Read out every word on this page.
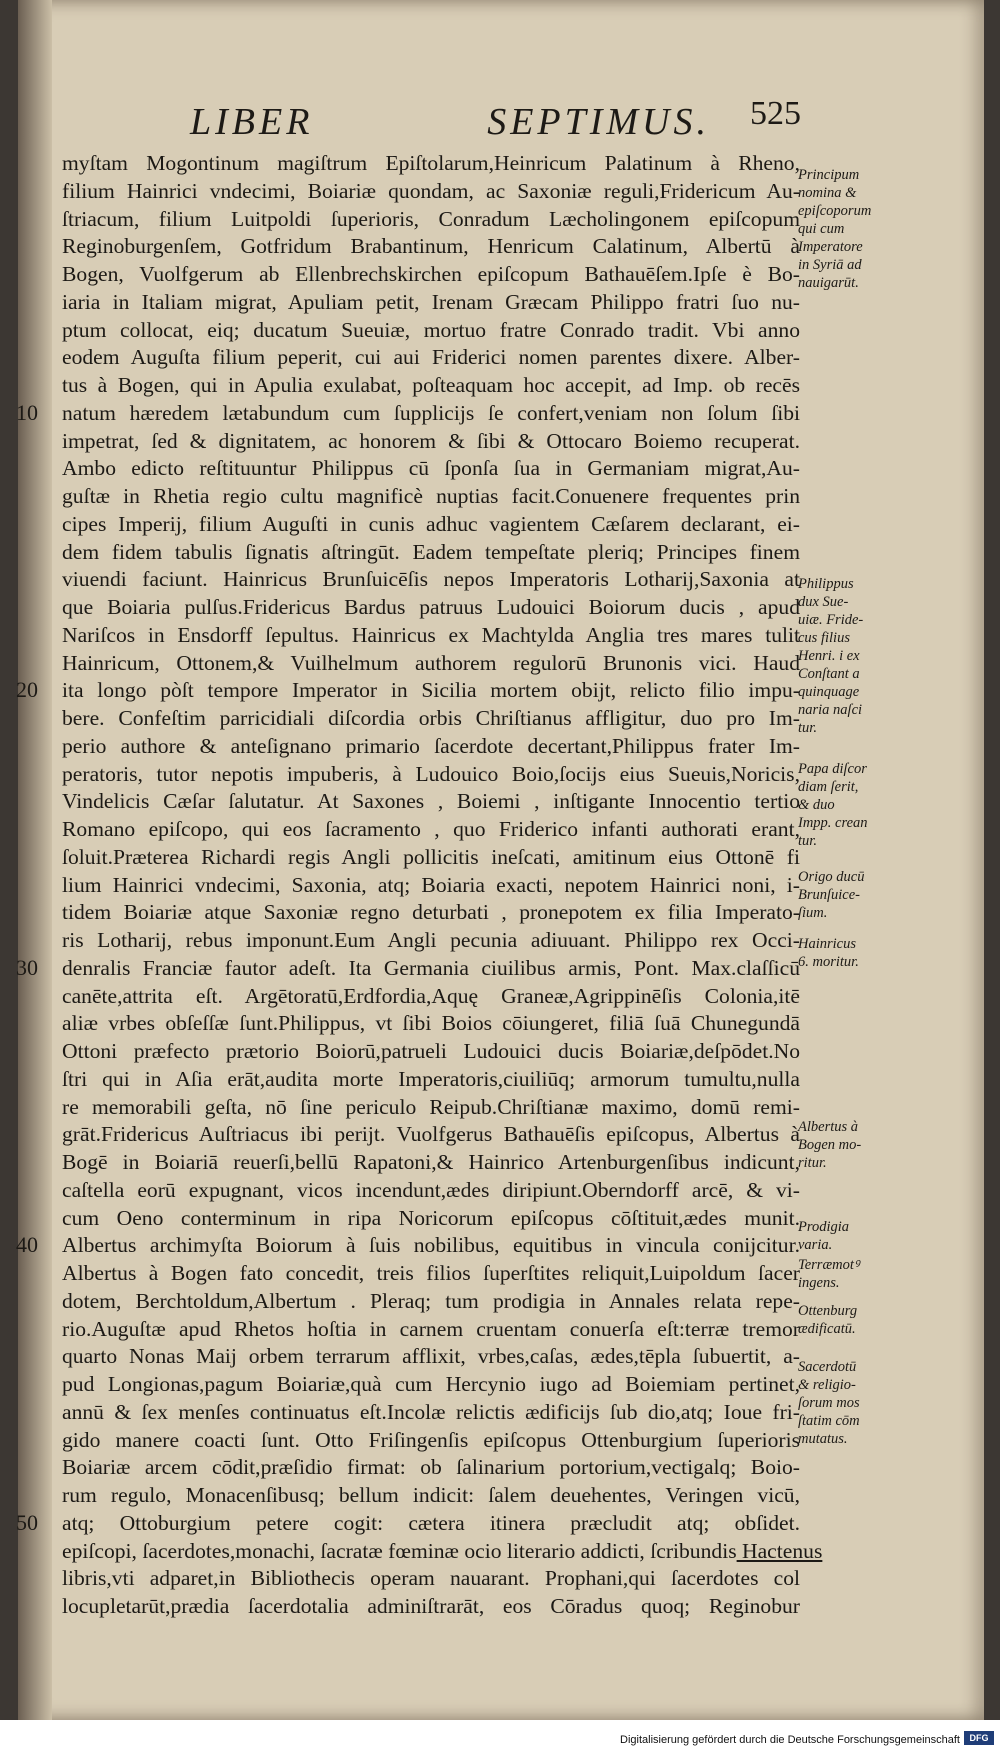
LIBER	SEPTIMUS. 525
myſtam Mogontinum magiſtrum Epiſtolarum,Heinricum Palatinum à Rheno,
filium Hainrici vndecimi, Boiariæ quondam, ac Saxoniæ reguli,Fridericum Au-
ſtriacum, filium Luitpoldi ſuperioris, Conradum Læcholingonem epiſcopum
Reginoburgenſem, Gotfridum Brabantinum, Henricum Calatinum, Albertū à
Bogen, Vuolfgerum ab Ellenbrechskirchen epiſcopum Bathauēſem.Ipſe è Bo-
iaria in Italiam migrat, Apuliam petit, Irenam Græcam Philippo fratri ſuo nu-
ptum collocat, eiq; ducatum Sueuiæ, mortuo fratre Conrado tradit. Vbi anno
eodem Auguſta filium peperit, cui aui Friderici nomen parentes dixere. Alber-
tus à Bogen, qui in Apulia exulabat, poſteaquam hoc accepit, ad Imp. ob recēs
natum hæredem lætabundum cum ſupplicijs ſe confert,veniam non ſolum ſibi
impetrat, ſed & dignitatem, ac honorem & ſibi & Ottocaro Boiemo recuperat.
Ambo edicto reſtituuntur Philippus cū ſponſa ſua in Germaniam migrat,Au-
guſtæ in Rhetia regio cultu magnificè nuptias facit.Conuenere frequentes prin
cipes Imperij, filium Auguſti in cunis adhuc vagientem Cæſarem declarant, ei-
dem fidem tabulis ſignatis aſtringūt. Eadem tempeſtate pleriq; Principes finem
viuendi faciunt. Hainricus Brunſuicēſis nepos Imperatoris Lotharij,Saxonia at
que Boiaria pulſus.Fridericus Bardus patruus Ludouici Boiorum ducis , apud
Nariſcos in Ensdorff ſepultus. Hainricus ex Machtylda Anglia tres mares tulit
Hainricum, Ottonem,& Vuilhelmum authorem regulorū Brunonis vici. Haud
ita longo pòſt tempore Imperator in Sicilia mortem obijt, relicto filio impu-
bere. Confeſtim parricidiali diſcordia orbis Chriſtianus affligitur, duo pro Im-
perio authore & anteſignano primario ſacerdote decertant,Philippus frater Im-
peratoris, tutor nepotis impuberis, à Ludouico Boio,ſocijs eius Sueuis,Noricis,
Vindelicis Cæſar ſalutatur. At Saxones , Boiemi , inſtigante Innocentio tertio
Romano epiſcopo, qui eos ſacramento , quo Friderico infanti authorati erant,
ſoluit.Præterea Richardi regis Angli pollicitis ineſcati, amitinum eius Ottonē fi
lium Hainrici vndecimi, Saxonia, atq; Boiaria exacti, nepotem Hainrici noni, i-
tidem Boiariæ atque Saxoniæ regno deturbati , pronepotem ex filia Imperato-
ris Lotharij, rebus imponunt.Eum Angli pecunia adiuuant. Philippo rex Occi-
denralis Franciæ fautor adeſt. Ita Germania ciuilibus armis, Pont. Max.claſſicū
canēte,attrita eſt. Argētoratū,Erdfordia,Aquę Graneæ,Agrippinēſis Colonia,itē
aliæ vrbes obſeſſæ ſunt.Philippus, vt ſibi Boios cōiungeret, filiā ſuā Chunegundā
Ottoni præfecto prætorio Boiorū,patrueli Ludouici ducis Boiariæ,deſpōdet.No
ſtri qui in Aſia erāt,audita morte Imperatoris,ciuiliūq; armorum tumultu,nulla
re memorabili geſta, nō ſine periculo Reipub.Chriſtianæ maximo, domū remi-
grāt.Fridericus Auſtriacus ibi perijt. Vuolfgerus Bathauēſis epiſcopus, Albertus à
Bogē in Boiariā reuerſi,bellū Rapatoni,& Hainrico Artenburgenſibus indicunt,
caſtella eorū expugnant, vicos incendunt,ædes diripiunt.Oberndorff arcē, & vi-
cum Oeno conterminum in ripa Noricorum epiſcopus cōſtituit,ædes munit.
Albertus archimyſta Boiorum à ſuis nobilibus, equitibus in vincula conijcitur.
Albertus à Bogen fato concedit, treis filios ſuperſtites reliquit,Luipoldum ſacer
dotem, Berchtoldum,Albertum . Pleraq; tum prodigia in Annales relata repe-
rio.Auguſtæ apud Rhetos hoſtia in carnem cruentam conuerſa eſt:terræ tremor
quarto Nonas Maij orbem terrarum afflixit, vrbes,caſas, ædes,tēpla ſubuertit, a-
pud Longionas,pagum Boiariæ,quà cum Hercynio iugo ad Boiemiam pertinet,
annū & ſex menſes continuatus eſt.Incolæ relictis ædificijs ſub dio,atq; Ioue fri-
gido manere coacti ſunt. Otto Friſingenſis epiſcopus Ottenburgium ſuperioris
Boiariæ arcem cōdit,præſidio firmat: ob ſalinarium portorium,vectigalq; Boio-
rum regulo, Monacenſibusq; bellum indicit: ſalem deuehentes, Veringen vicū,
atq; Ottoburgium petere cogit: cætera itinera præcludit atq; obſidet.
epiſcopi, ſacerdotes,monachi, ſacratæ fœminæ ocio literario addicti, ſcribundis Hactenus
libris,vti adparet,in Bibliothecis operam nauarant. Prophani,qui ſacerdotes col
locupletarūt,prædia ſacerdotalia adminiſtrarāt, eos Cōradus quoq; Reginobur
10
20
30
40
50
Principum
nomina &
epiſcoporum
qui cum
Imperatore
in Syriā ad
nauigarūt.
Philippus
dux Sue-
uiæ. Fride-
cus filius
Henri. i ex
Conſtant a
quinquage
naria naſci
tur.
Papa diſcor
diam ſerit,
& duo
Impp. crean
tur.
Origo ducū
Brunſuice-
ſium.
Hainricus
6. moritur.
Albertus à
Bogen mo-
ritur.
Prodigia
varia.
Terræmotꝰ
ingens.
Ottenburg
ædificatū.
Sacerdotū
& religio-
ſorum mos
ſtatim cōm
mutatus.
Digitalisierung gefördert durch die Deutsche Forschungsgemeinschaft	DFG
